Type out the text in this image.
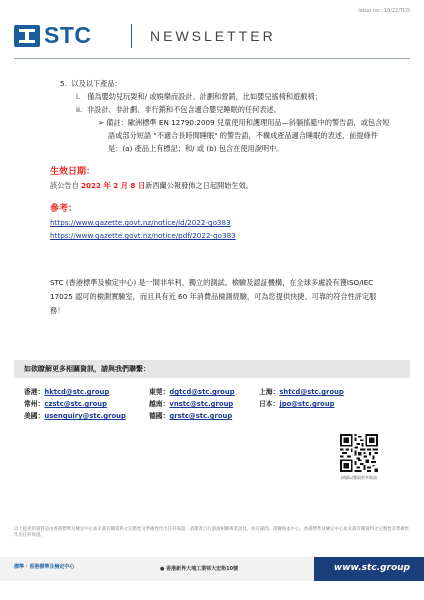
Issue no.: 10/22/TCD
STC	NEWSLETTER
5.  以及以下產品：
i.   僅為嬰幼兒玩耍和/ 或娛樂而設計、計劃和營銷，比如嬰兒搖椅和遊戲椅；
ii.  非設計、非計劃、非行銷和不包含適合嬰兒睡眠的任何表述。
➢ 備註：歐洲標準 EN 12790:2009 兒童使用和護理用品—斜躺搖籃中的警告語，或包含短語或部分短語 "不適合長時間睡眠" 的警告語，不構成產品適合睡眠的表述，前提條件是：(a) 產品上有標記；和/ 或 (b) 包含在使用說明中。
生效日期：
該公告自 2022 年 2 月 8 日新西蘭公報發佈之日起開始生效。
參考：
https://www.gazette.govt.nz/notice/id/2022-go383
https://www.gazette.govt.nz/notice/pdf/2022-go383
STC (香港標準及檢定中心) 是一間非牟利、獨立的測試、檢驗及認証機構，在全球多處設有獲ISO/IEC 17025 認可的檢測實驗室，而且具有近 60 年消費品檢測經驗，可為您提供快捷、可靠的符合性評定服務！
如欲瞭解更多相關資訊，請與我們聯繫：
香港：hktcd@stc.group	東莞：dgtcd@stc.group	上海：shtcd@stc.group
常州：czstc@stc.group	越南：vnstc@stc.group	日本：jpo@stc.group
美國：usenquiry@stc.group	德國：grstc@stc.group
掃描以獲取更多資訊
以上提供的資料是由香港標準及檢定中心並未就有關資料之完整性及準確性作出任何保證，請讀者自行諮詢相關專業意見。如有疑問，請聯絡本中心。香港標準及檢定中心並未就有關資料之完整性及準確性作出任何保證。
標準 · 香港標準及檢定中心	● 香港新界大埔工業邨大宏街10號	www.stc.group
